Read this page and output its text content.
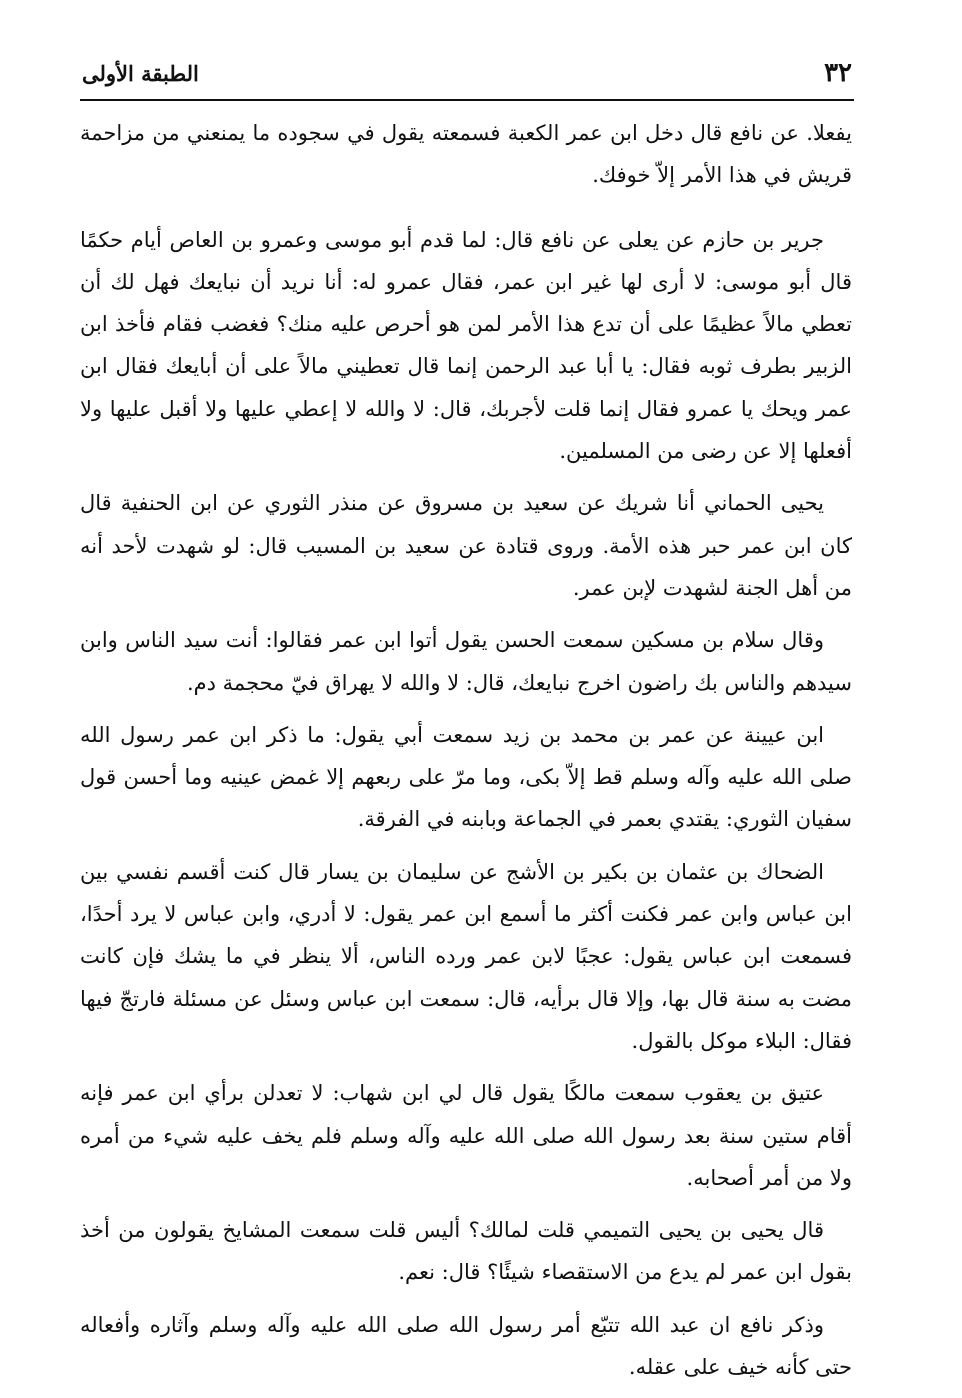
٣٢
الطبقة الأولى

يفعلا. عن نافع قال دخل ابن عمر الكعبة فسمعته يقول في سجوده ما يمنعني من مزاحمة قريش في هذا الأمر إلاّ خوفك.

جرير بن حازم عن يعلى عن نافع قال: لما قدم أبو موسى وعمرو بن العاص أيام حكمًا قال أبو موسى: لا أرى لها غير ابن عمر، فقال عمرو له: أنا نريد أن نبايعك فهل لك أن تعطي مالاً عظيمًا على أن تدع هذا الأمر لمن هو أحرص عليه منك؟ فغضب فقام فأخذ ابن الزبير بطرف ثوبه فقال: يا أبا عبد الرحمن إنما قال تعطيني مالاً على أن أبايعك فقال ابن عمر ويحك يا عمرو فقال إنما قلت لأجربك، قال: لا والله لا إعطي عليها ولا أقبل عليها ولا أفعلها إلا عن رضى من المسلمين.

يحيى الحماني أنا شريك عن سعيد بن مسروق عن منذر الثوري عن ابن الحنفية قال كان ابن عمر حبر هذه الأمة. وروى قتادة عن سعيد بن المسيب قال: لو شهدت لأحد أنه من أهل الجنة لشهدت لإبن عمر.

وقال سلام بن مسكين سمعت الحسن يقول أتوا ابن عمر فقالوا: أنت سيد الناس وابن سيدهم والناس بك راضون اخرج نبايعك، قال: لا والله لا يهراق فيّ محجمة دم.

ابن عيينة عن عمر بن محمد بن زيد سمعت أبي يقول: ما ذكر ابن عمر رسول الله صلى الله عليه وآله وسلم قط إلاّ بكى، وما مرّ على ربعهم إلا غمض عينيه وما أحسن قول سفيان الثوري: يقتدي بعمر في الجماعة وبابنه في الفرقة.

الضحاك بن عثمان بن بكير بن الأشج عن سليمان بن يسار قال كنت أقسم نفسي بين ابن عباس وابن عمر فكنت أكثر ما أسمع ابن عمر يقول: لا أدري، وابن عباس لا يرد أحدًا، فسمعت ابن عباس يقول: عجبًا لابن عمر ورده الناس، ألا ينظر في ما يشك فإن كانت مضت به سنة قال بها، وإلا قال برأيه، قال: سمعت ابن عباس وسئل عن مسئلة فارتجّ فيها فقال: البلاء موكل بالقول.

عتيق بن يعقوب سمعت مالكًا يقول قال لي ابن شهاب: لا تعدلن برأي ابن عمر فإنه أقام ستين سنة بعد رسول الله صلى الله عليه وآله وسلم فلم يخف عليه شيء من أمره ولا من أمر أصحابه.

قال يحيى بن يحيى التميمي قلت لمالك؟ أليس قلت سمعت المشايخ يقولون من أخذ بقول ابن عمر لم يدع من الاستقصاء شيئًا؟ قال: نعم.

وذكر نافع ان عبد الله تتبّع أمر رسول الله صلى الله عليه وآله وسلم وآثاره وأفعاله حتى كأنه خيف على عقله.
